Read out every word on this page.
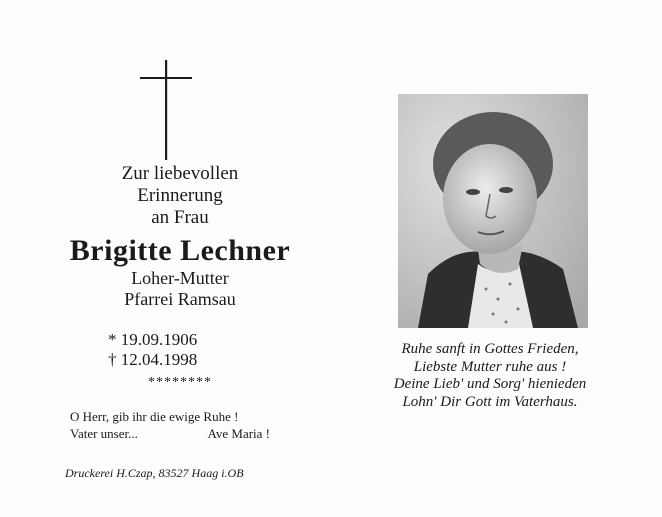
Zur liebevollen
Erinnerung
an Frau
Brigitte Lechner
Loher-Mutter
Pfarrei Ramsau
* 19.09.1906
† 12.04.1998
********
O Herr, gib ihr die ewige Ruhe !
Vater unser...	Ave Maria !
Druckerei H.Czap, 83527 Haag i.OB
Ruhe sanft in Gottes Frieden,
Liebste Mutter ruhe aus !
Deine Lieb' und Sorg' hienieden
Lohn' Dir Gott im Vaterhaus.
